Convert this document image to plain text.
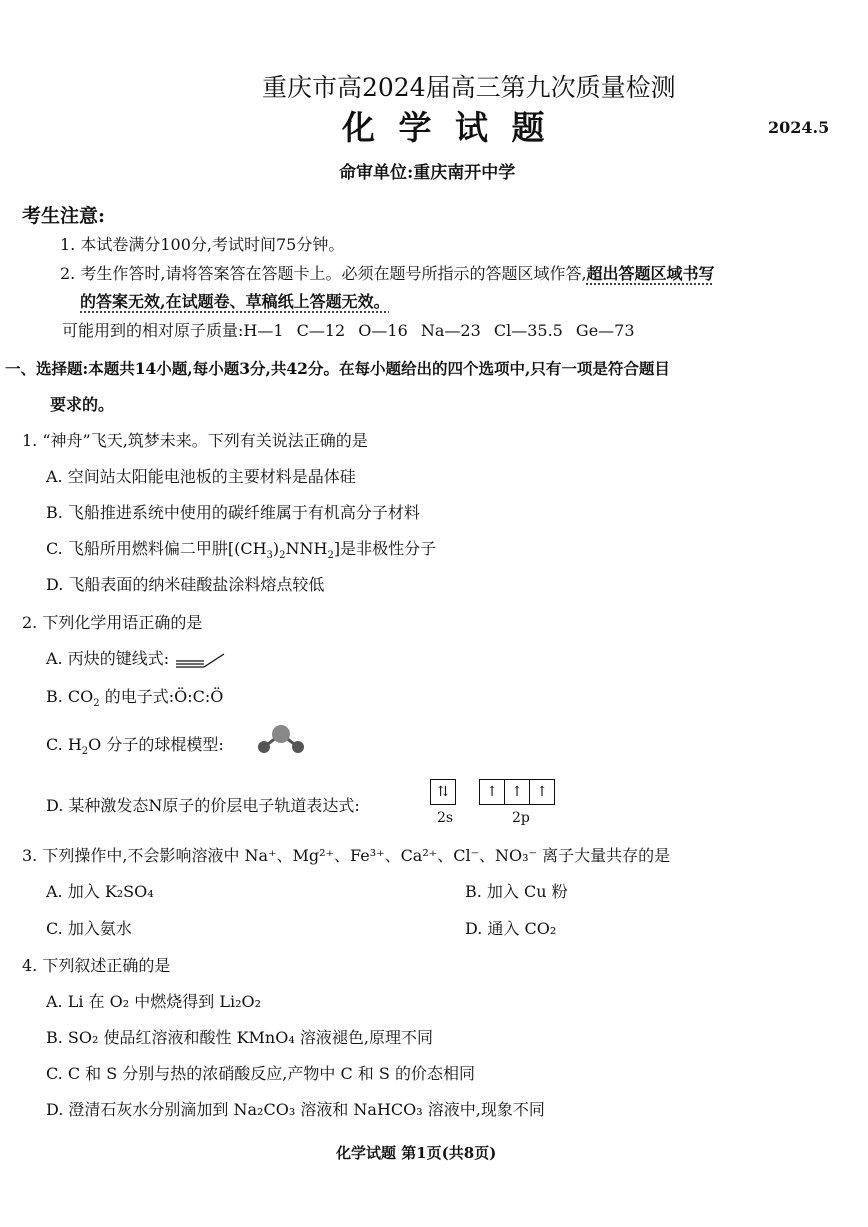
重庆市高2024届高三第九次质量检测
化 学 试 题	2024.5
命审单位:重庆南开中学
考生注意:
1. 本试卷满分100分,考试时间75分钟。
2. 考生作答时,请将答案答在答题卡上。必须在题号所指示的答题区域作答,超出答题区域书写
的答案无效,在试题卷、草稿纸上答题无效。
可能用到的相对原子质量:H—1 C—12 O—16 Na—23 Cl—35.5 Ge—73
一、选择题:本题共14小题,每小题3分,共42分。在每小题给出的四个选项中,只有一项是符合题目
要求的。
1. “神舟”飞天,筑梦未来。下列有关说法正确的是
A. 空间站太阳能电池板的主要材料是晶体硅
B. 飞船推进系统中使用的碳纤维属于有机高分子材料
C. 飞船所用燃料偏二甲肼$[(CH_3)_2NNH_2]$是非极性分子
D. 飞船表面的纳米硅酸盐涂料熔点较低
2. 下列化学用语正确的是
A. 丙炔的键线式:
B. $CO_2$ 的电子式:Ö:C:Ö
C. $H_2O$ 分子的球棍模型:
D. 某种激发态N原子的价层电子轨道表达式:
⇅	↑ ↑ ↑
2s	2p
3. 下列操作中,不会影响溶液中 Na⁺、Mg²⁺、Fe³⁺、Ca²⁺、Cl⁻、NO₃⁻ 离子大量共存的是
A. 加入 K₂SO₄	B. 加入 Cu 粉
C. 加入氨水	D. 通入 CO₂
4. 下列叙述正确的是
A. Li 在 O₂ 中燃烧得到 Li₂O₂
B. SO₂ 使品红溶液和酸性 KMnO₄ 溶液褪色,原理不同
C. C 和 S 分别与热的浓硝酸反应,产物中 C 和 S 的价态相同
D. 澄清石灰水分别滴加到 Na₂CO₃ 溶液和 NaHCO₃ 溶液中,现象不同
化学试题 第1页(共8页)
